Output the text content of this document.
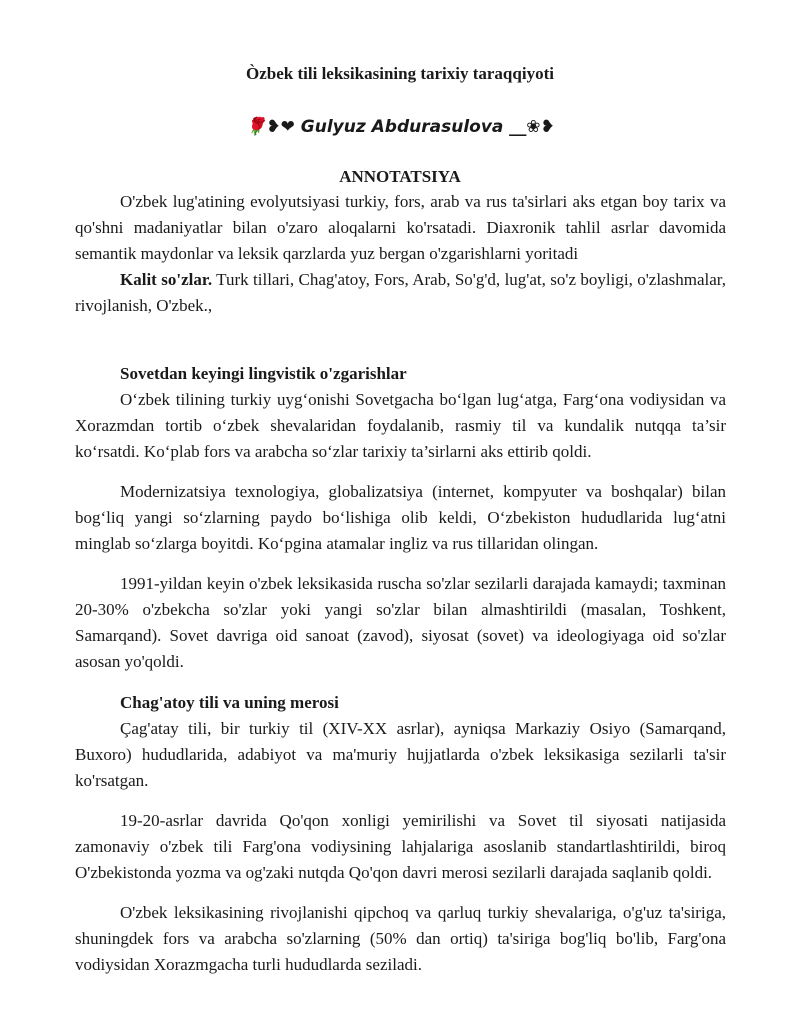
Òzbek tili leksikasining tarixiy taraqqiyoti
🌹❥❤ Gulyuz Abdurasulova __❀❥
ANNOTATSIYA

O'zbek lug'atining evolyutsiyasi turkiy, fors, arab va rus ta'sirlari aks etgan boy tarix va qo'shni madaniyatlar bilan o'zaro aloqalarni ko'rsatadi. Diaxronik tahlil asrlar davomida semantik maydonlar va leksik qarzlarda yuz bergan o'zgarishlarni yoritadi

Kalit so'zlar. Turk tillari, Chag'atoy, Fors, Arab, So'g'd, lug'at, so'z boyligi, o'zlashmalar, rivojlanish, O'zbek.,

Sovetdan keyingi lingvistik o'zgarishlar

O‘zbek tilining turkiy uyg‘onishi Sovetgacha bo‘lgan lug‘atga, Farg‘ona vodiysidan va Xorazmdan tortib o‘zbek shevalaridan foydalanib, rasmiy til va kundalik nutqqa ta’sir ko‘rsatdi. Ko‘plab fors va arabcha so‘zlar tarixiy ta’sirlarni aks ettirib qoldi.

Modernizatsiya texnologiya, globalizatsiya (internet, kompyuter va boshqalar) bilan bog‘liq yangi so‘zlarning paydo bo‘lishiga olib keldi, O‘zbekiston hududlarida lug‘atni minglab so‘zlarga boyitdi. Ko‘pgina atamalar ingliz va rus tillaridan olingan.

1991-yildan keyin o'zbek leksikasida ruscha so'zlar sezilarli darajada kamaydi; taxminan 20-30% o'zbekcha so'zlar yoki yangi so'zlar bilan almashtirildi (masalan, Toshkent, Samarqand). Sovet davriga oid sanoat (zavod), siyosat (sovet) va ideologiyaga oid so'zlar asosan yo'qoldi.

Chag'atoy tili va uning merosi

Çag'atay tili, bir turkiy til (XIV-XX asrlar), ayniqsa Markaziy Osiyo (Samarqand, Buxoro) hududlarida, adabiyot va ma'muriy hujjatlarda o'zbek leksikasiga sezilarli ta'sir ko'rsatgan.

19-20-asrlar davrida Qo'qon xonligi yemirilishi va Sovet til siyosati natijasida zamonaviy o'zbek tili Farg'ona vodiysining lahjalariga asoslanib standartlashtirildi, biroq O'zbekistonda yozma va og'zaki nutqda Qo'qon davri merosi sezilarli darajada saqlanib qoldi.

O'zbek leksikasining rivojlanishi qipchoq va qarluq turkiy shevalariga, o'g'uz ta'siriga, shuningdek fors va arabcha so'zlarning (50% dan ortiq) ta'siriga bog'liq bo'lib, Farg'ona vodiysidan Xorazmgacha turli hududlarda seziladi.
